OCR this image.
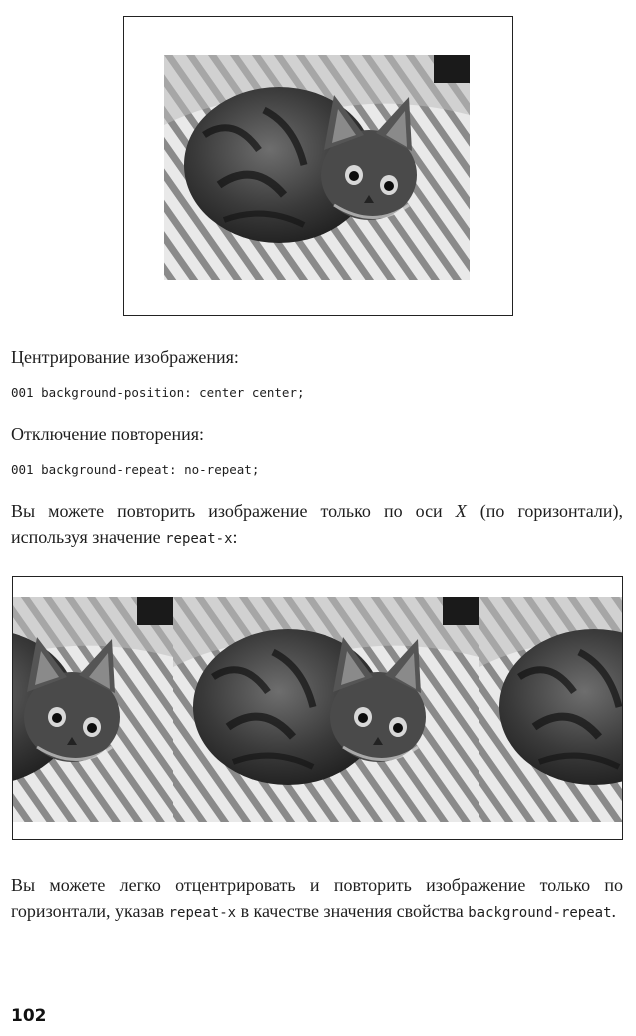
Центрирование изображения:
001 background-position: center center;
Отключение повторения:
001 background-repeat: no-repeat;
Вы можете повторить изображение только по оси X (по горизонтали), используя значение repeat-x:
Вы можете легко отцентрировать и повторить изображение только по горизонтали, указав repeat-x в качестве значения свойства background-repeat.
102
